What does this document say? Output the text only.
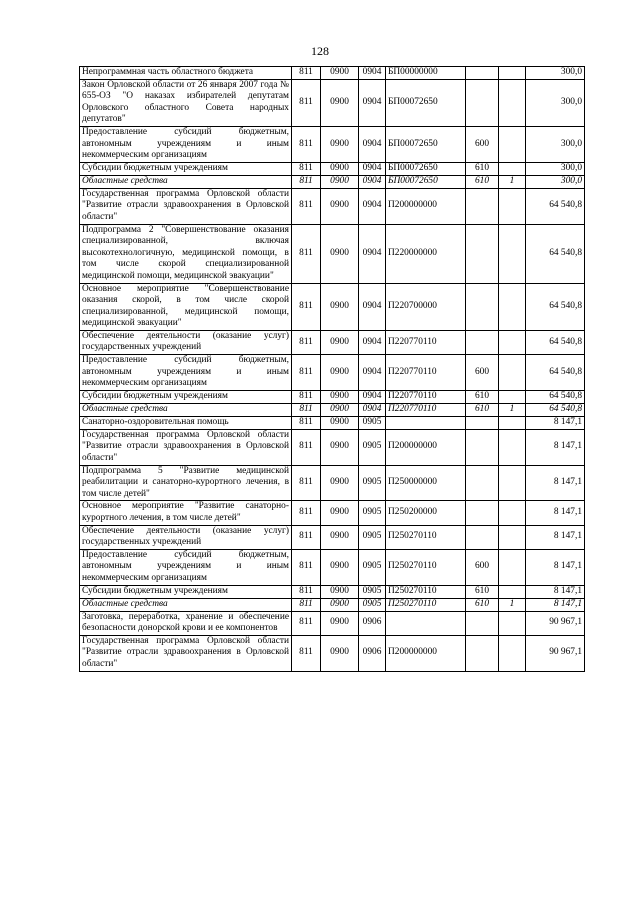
128
Непрограммная часть областного бюджета	811	0900	0904	БП00000000			300,0
Закон Орловской области от 26 января 2007 года № 655-ОЗ "О наказах избирателей депутатам Орловского областного Совета народных депутатов"	811	0900	0904	БП00072650			300,0
Предоставление субсидий бюджетным, автономным учреждениям и иным некоммерческим организациям	811	0900	0904	БП00072650	600		300,0
Субсидии бюджетным учреждениям	811	0900	0904	БП00072650	610		300,0
Областные средства	811	0900	0904	БП00072650	610	1	300,0
Государственная программа Орловской области "Развитие отрасли здравоохранения в Орловской области"	811	0900	0904	П200000000			64 540,8
Подпрограмма 2 "Совершенствование оказания специализированной, включая высокотехнологичную, медицинской помощи, в том числе скорой специализированной медицинской помощи, медицинской эвакуации"	811	0900	0904	П220000000			64 540,8
Основное мероприятие "Совершенствование оказания скорой, в том числе скорой специализированной, медицинской помощи, медицинской эвакуации"	811	0900	0904	П220700000			64 540,8
Обеспечение деятельности (оказание услуг) государственных учреждений	811	0900	0904	П220770110			64 540,8
Предоставление субсидий бюджетным, автономным учреждениям и иным некоммерческим организациям	811	0900	0904	П220770110	600		64 540,8
Субсидии бюджетным учреждениям	811	0900	0904	П220770110	610		64 540,8
Областные средства	811	0900	0904	П220770110	610	1	64 540,8
Санаторно-оздоровительная помощь	811	0900	0905				8 147,1
Государственная программа Орловской области "Развитие отрасли здравоохранения в Орловской области"	811	0900	0905	П200000000			8 147,1
Подпрограмма 5 "Развитие медицинской реабилитации и санаторно-курортного лечения, в том числе детей"	811	0900	0905	П250000000			8 147,1
Основное мероприятие "Развитие санаторно-курортного лечения, в том числе детей"	811	0900	0905	П250200000			8 147,1
Обеспечение деятельности (оказание услуг) государственных учреждений	811	0900	0905	П250270110			8 147,1
Предоставление субсидий бюджетным, автономным учреждениям и иным некоммерческим организациям	811	0900	0905	П250270110	600		8 147,1
Субсидии бюджетным учреждениям	811	0900	0905	П250270110	610		8 147,1
Областные средства	811	0900	0905	П250270110	610	1	8 147,1
Заготовка, переработка, хранение и обеспечение безопасности донорской крови и ее компонентов	811	0900	0906				90 967,1
Государственная программа Орловской области "Развитие отрасли здравоохранения в Орловской области"	811	0900	0906	П200000000			90 967,1
